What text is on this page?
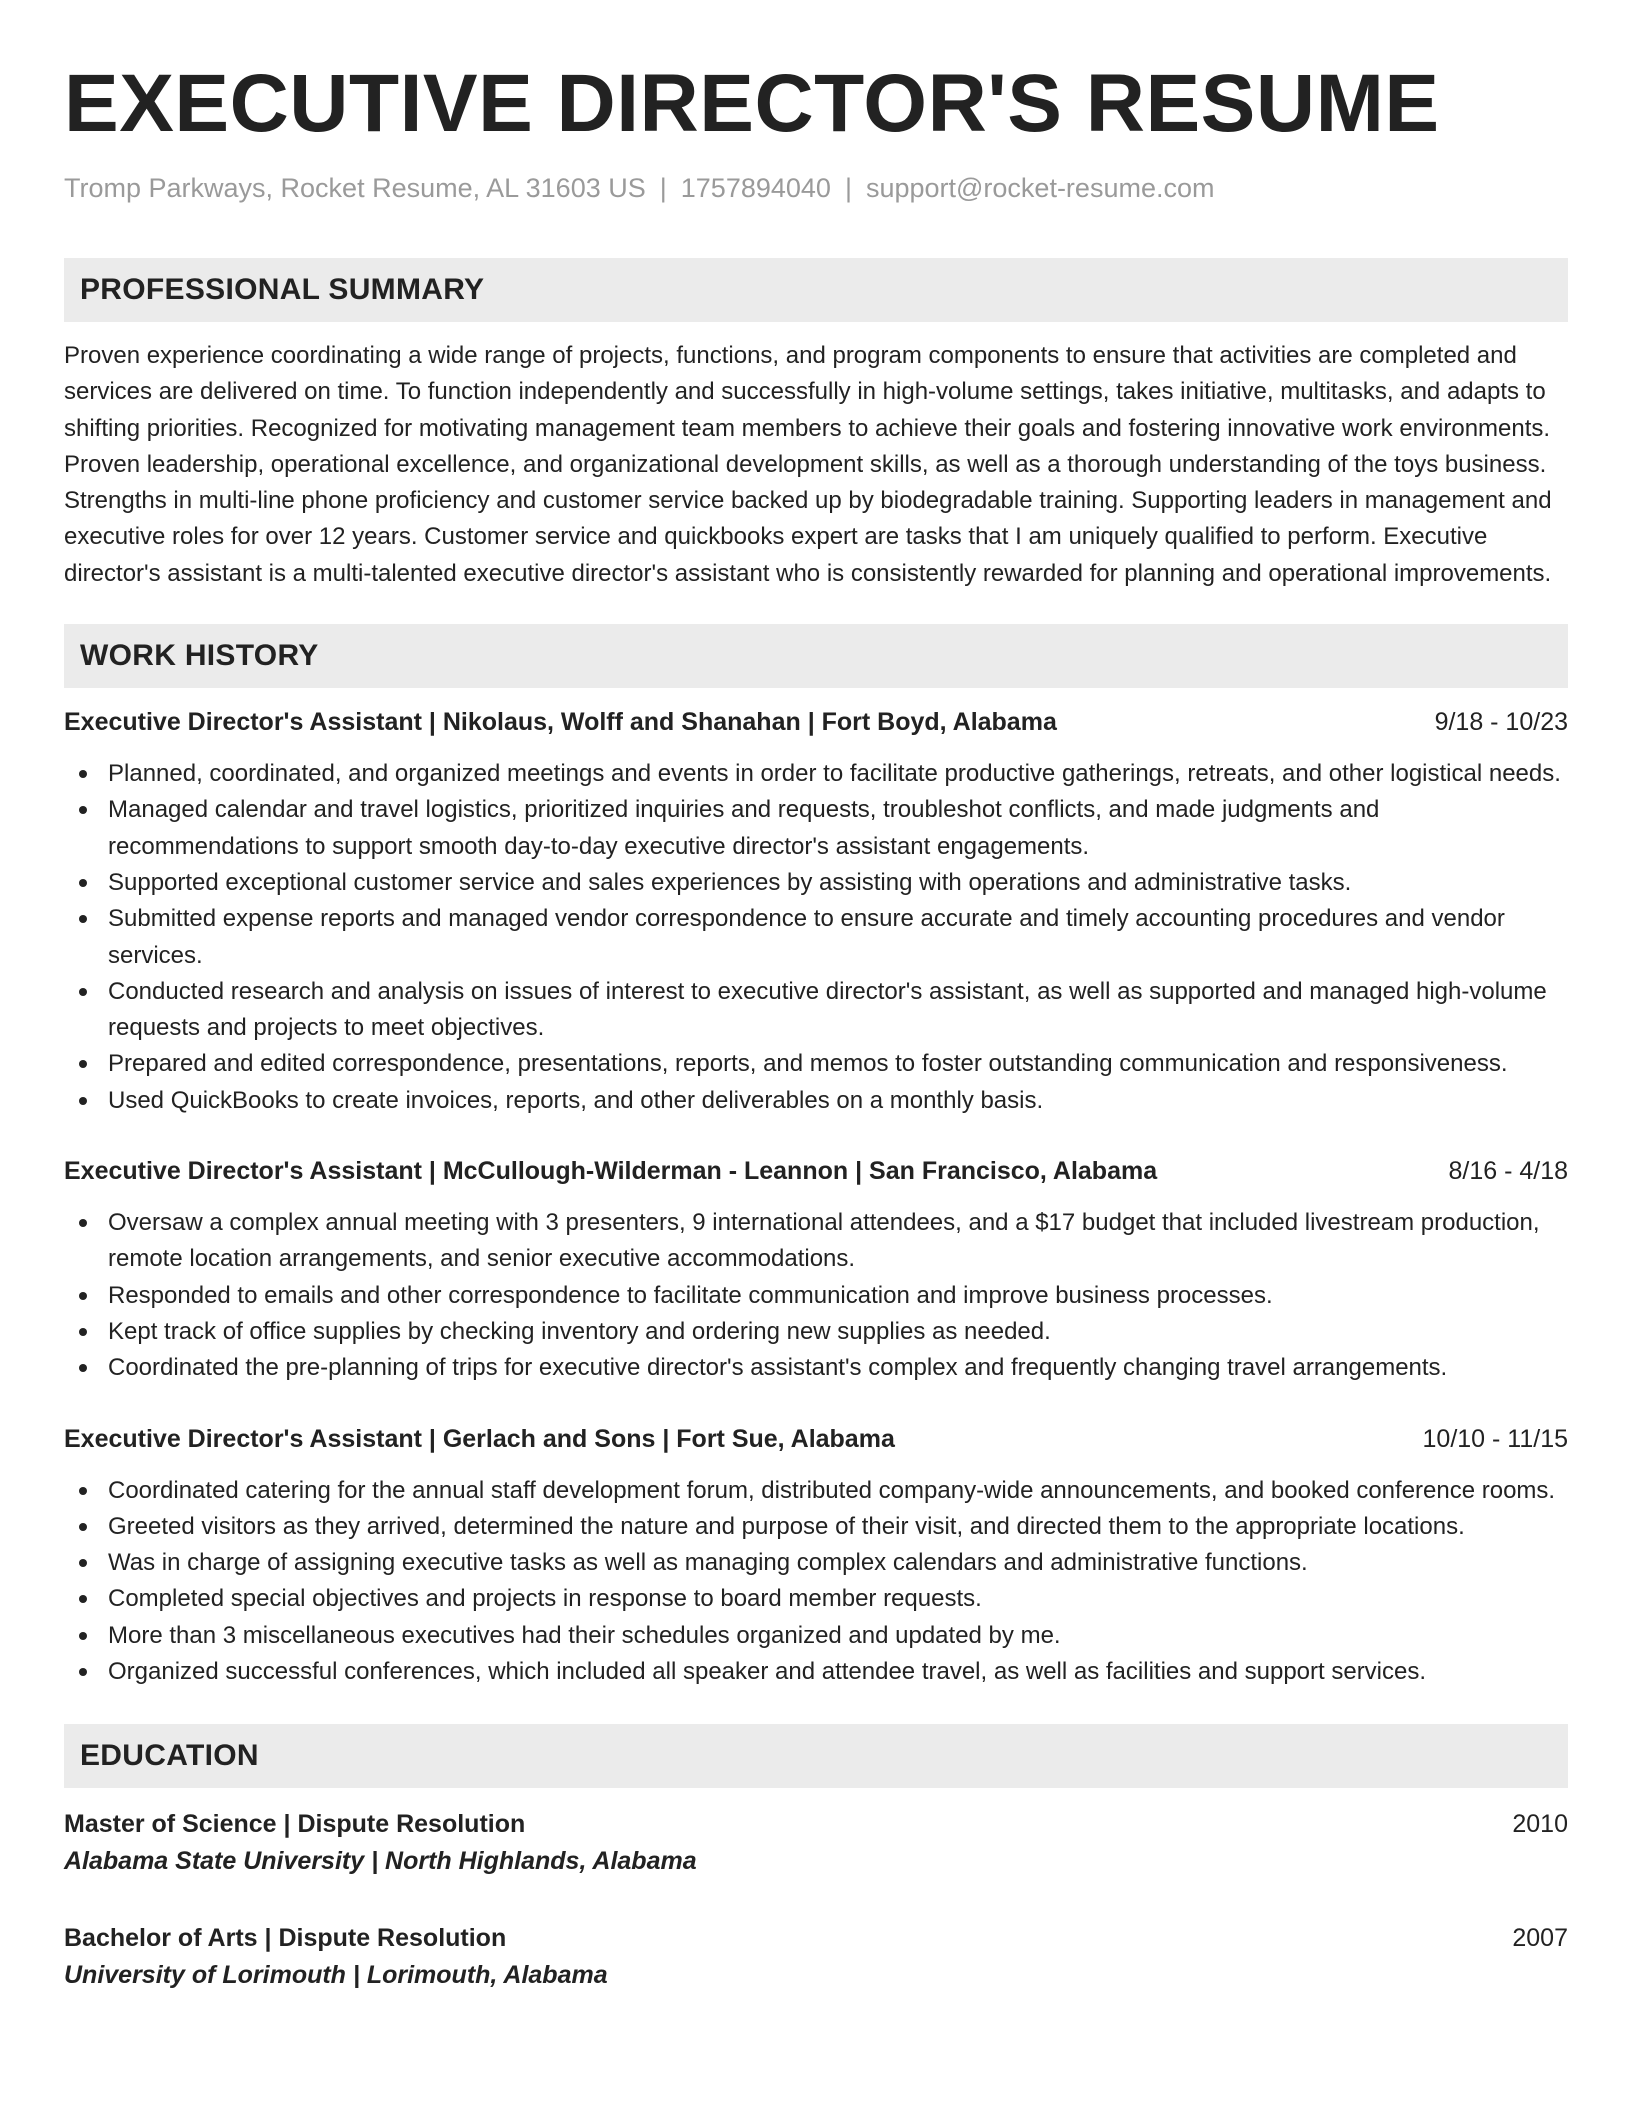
EXECUTIVE DIRECTOR'S RESUME
Tromp Parkways, Rocket Resume, AL 31603 US | 1757894040 | support@rocket-resume.com
PROFESSIONAL SUMMARY

Proven experience coordinating a wide range of projects, functions, and program components to ensure that activities are completed and services are delivered on time. To function independently and successfully in high-volume settings, takes initiative, multitasks, and adapts to shifting priorities. Recognized for motivating management team members to achieve their goals and fostering innovative work environments. Proven leadership, operational excellence, and organizational development skills, as well as a thorough understanding of the toys business. Strengths in multi-line phone proficiency and customer service backed up by biodegradable training. Supporting leaders in management and executive roles for over 12 years. Customer service and quickbooks expert are tasks that I am uniquely qualified to perform. Executive director's assistant is a multi-talented executive director's assistant who is consistently rewarded for planning and operational improvements.

WORK HISTORY
Executive Director's Assistant | Nikolaus, Wolff and Shanahan | Fort Boyd, Alabama	9/18 - 10/23
Planned, coordinated, and organized meetings and events in order to facilitate productive gatherings, retreats, and other logistical needs.
Managed calendar and travel logistics, prioritized inquiries and requests, troubleshot conflicts, and made judgments and recommendations to support smooth day-to-day executive director's assistant engagements.
Supported exceptional customer service and sales experiences by assisting with operations and administrative tasks.
Submitted expense reports and managed vendor correspondence to ensure accurate and timely accounting procedures and vendor services.
Conducted research and analysis on issues of interest to executive director's assistant, as well as supported and managed high-volume requests and projects to meet objectives.
Prepared and edited correspondence, presentations, reports, and memos to foster outstanding communication and responsiveness.
Used QuickBooks to create invoices, reports, and other deliverables on a monthly basis.
Executive Director's Assistant | McCullough-Wilderman - Leannon | San Francisco, Alabama	8/16 - 4/18
Oversaw a complex annual meeting with 3 presenters, 9 international attendees, and a $17 budget that included livestream production, remote location arrangements, and senior executive accommodations.
Responded to emails and other correspondence to facilitate communication and improve business processes.
Kept track of office supplies by checking inventory and ordering new supplies as needed.
Coordinated the pre-planning of trips for executive director's assistant's complex and frequently changing travel arrangements.
Executive Director's Assistant | Gerlach and Sons | Fort Sue, Alabama	10/10 - 11/15
Coordinated catering for the annual staff development forum, distributed company-wide announcements, and booked conference rooms.
Greeted visitors as they arrived, determined the nature and purpose of their visit, and directed them to the appropriate locations.
Was in charge of assigning executive tasks as well as managing complex calendars and administrative functions.
Completed special objectives and projects in response to board member requests.
More than 3 miscellaneous executives had their schedules organized and updated by me.
Organized successful conferences, which included all speaker and attendee travel, as well as facilities and support services.
EDUCATION
Master of Science | Dispute Resolution	2010
Alabama State University | North Highlands, Alabama
Bachelor of Arts | Dispute Resolution	2007
University of Lorimouth | Lorimouth, Alabama
